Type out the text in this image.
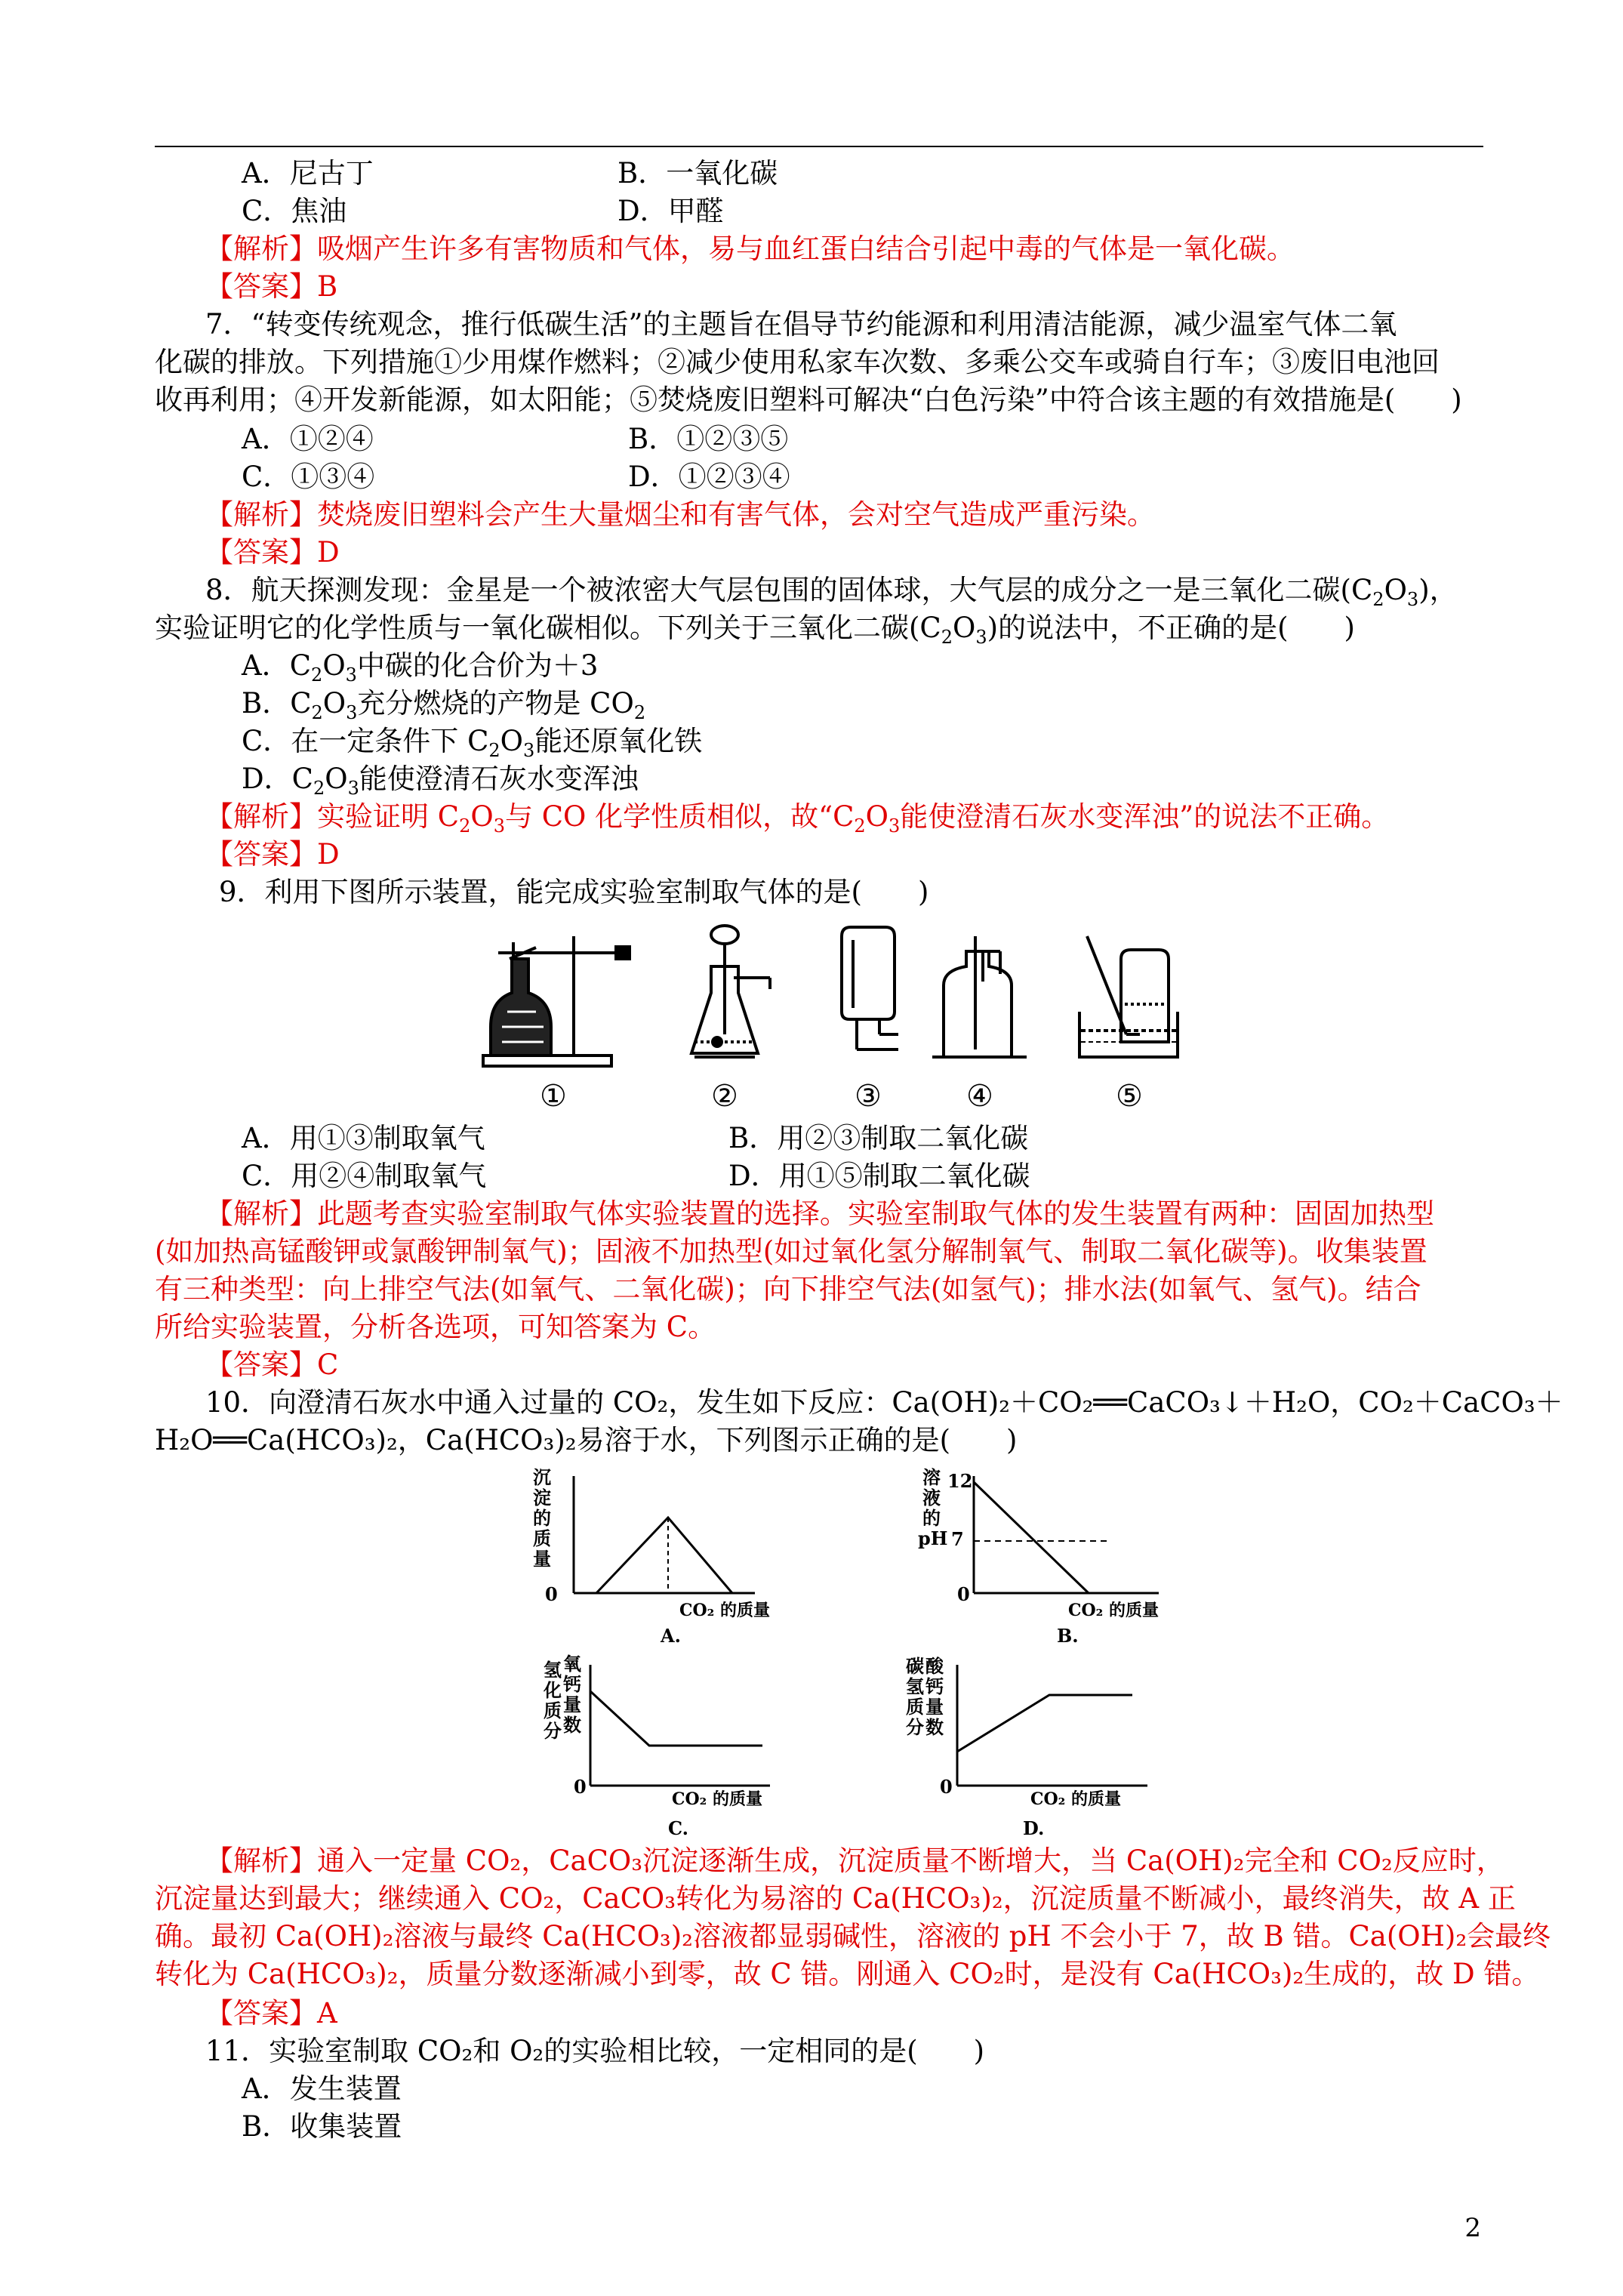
A．尼古丁	B．一氧化碳
C．焦油	D．甲醛
【解析】吸烟产生许多有害物质和气体，易与血红蛋白结合引起中毒的气体是一氧化碳。
【答案】B
7．“转变传统观念，推行低碳生活”的主题旨在倡导节约能源和利用清洁能源，减少温室气体二氧
化碳的排放。下列措施①少用煤作燃料；②减少使用私家车次数、多乘公交车或骑自行车；③废旧电池回
收再利用；④开发新能源，如太阳能；⑤焚烧废旧塑料可解决“白色污染”中符合该主题的有效措施是(　　)
A．①②④	B．①②③⑤
C．①③④	D．①②③④
【解析】焚烧废旧塑料会产生大量烟尘和有害气体，会对空气造成严重污染。
【答案】D
8．航天探测发现：金星是一个被浓密大气层包围的固体球，大气层的成分之一是三氧化二碳$(C_2O_3)$，
实验证明它的化学性质与一氧化碳相似。下列关于三氧化二碳$(C_2O_3)$的说法中，不正确的是(　　)
A．$C_2O_3$中碳的化合价为＋3
B．$C_2O_3$充分燃烧的产物是 $CO_2$
C．在一定条件下 $C_2O_3$能还原氧化铁
D．$C_2O_3$能使澄清石灰水变浑浊
【解析】实验证明 $C_2O_3$与 CO 化学性质相似，故“$C_2O_3$能使澄清石灰水变浑浊”的说法不正确。
【答案】D
9．利用下图所示装置，能完成实验室制取气体的是(　　)
①	②	③	④	⑤
A．用①③制取氧气	B．用②③制取二氧化碳
C．用②④制取氧气	D．用①⑤制取二氧化碳
【解析】此题考查实验室制取气体实验装置的选择。实验室制取气体的发生装置有两种：固固加热型
(如加热高锰酸钾或氯酸钾制氧气)；固液不加热型(如过氧化氢分解制氧气、制取二氧化碳等)。收集装置
有三种类型：向上排空气法(如氧气、二氧化碳)；向下排空气法(如氢气)；排水法(如氧气、氢气)。结合
所给实验装置，分析各选项，可知答案为 C。
【答案】C
10．向澄清石灰水中通入过量的 CO₂，发生如下反应：Ca(OH)₂＋CO₂══CaCO₃↓＋H₂O，CO₂＋CaCO₃＋
H₂O══Ca(HCO₃)₂，Ca(HCO₃)₂易溶于水，下列图示正确的是(　　)
沉
淀
的
质
量
0
CO₂ 的质量
A.
溶
液
的
pH
12
7
0
CO₂ 的质量
B.
氢
化
质
分
氧
钙
量
数
0
CO₂ 的质量
C.
碳
氢
质
分
酸
钙
量
数
0
CO₂ 的质量
D.
【解析】通入一定量 CO₂，CaCO₃沉淀逐渐生成，沉淀质量不断增大，当 Ca(OH)₂完全和 CO₂反应时，
沉淀量达到最大；继续通入 CO₂，CaCO₃转化为易溶的 Ca(HCO₃)₂，沉淀质量不断减小，最终消失，故 A 正
确。最初 Ca(OH)₂溶液与最终 Ca(HCO₃)₂溶液都显弱碱性，溶液的 pH 不会小于 7，故 B 错。Ca(OH)₂会最终
转化为 Ca(HCO₃)₂，质量分数逐渐减小到零，故 C 错。刚通入 CO₂时，是没有 Ca(HCO₃)₂生成的，故 D 错。
【答案】A
11．实验室制取 CO₂和 O₂的实验相比较，一定相同的是(　　)
A．发生装置
B．收集装置
2
